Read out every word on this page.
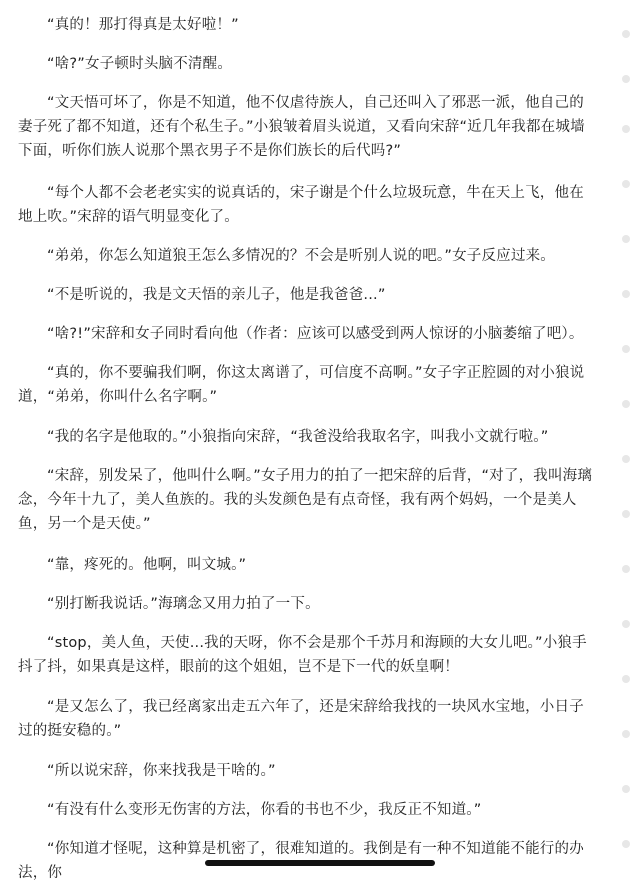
“真的！那打得真是太好啦！”

“啥?”女子顿时头脑不清醒。

“文天悟可坏了，你是不知道，他不仅虐待族人，自己还叫入了邪恶一派，他自己的妻子死了都不知道，还有个私生子。”小狼皱着眉头说道，又看向宋辞“近几年我都在城墙下面，听你们族人说那个黑衣男子不是你们族长的后代吗?”

“每个人都不会老老实实的说真话的，宋子谢是个什么垃圾玩意，牛在天上飞，他在地上吹。”宋辞的语气明显变化了。

“弟弟，你怎么知道狼王怎么多情况的？不会是听别人说的吧。”女子反应过来。

“不是听说的，我是文天悟的亲儿子，他是我爸爸...”

“啥?!”宋辞和女子同时看向他（作者：应该可以感受到两人惊讶的小脑萎缩了吧）。

“真的，你不要骗我们啊，你这太离谱了，可信度不高啊。”女子字正腔圆的对小狼说道，“弟弟，你叫什么名字啊。”

“我的名字是他取的。”小狼指向宋辞，“我爸没给我取名字，叫我小文就行啦。”

“宋辞，别发呆了，他叫什么啊。”女子用力的拍了一把宋辞的后背，“对了，我叫海璃念，今年十九了，美人鱼族的。我的头发颜色是有点奇怪，我有两个妈妈，一个是美人鱼，另一个是天使。”

“靠，疼死的。他啊，叫文城。”

“别打断我说话。”海璃念又用力拍了一下。

“stop，美人鱼，天使...我的天呀，你不会是那个千苏月和海顾的大女儿吧。”小狼手抖了抖，如果真是这样，眼前的这个姐姐，岂不是下一代的妖皇啊！

“是又怎么了，我已经离家出走五六年了，还是宋辞给我找的一块风水宝地，小日子过的挺安稳的。”

“所以说宋辞，你来找我是干啥的。”

“有没有什么变形无伤害的方法，你看的书也不少，我反正不知道。”

“你知道才怪呢，这种算是机密了，很难知道的。我倒是有一种不知道能不能行的办法，你
